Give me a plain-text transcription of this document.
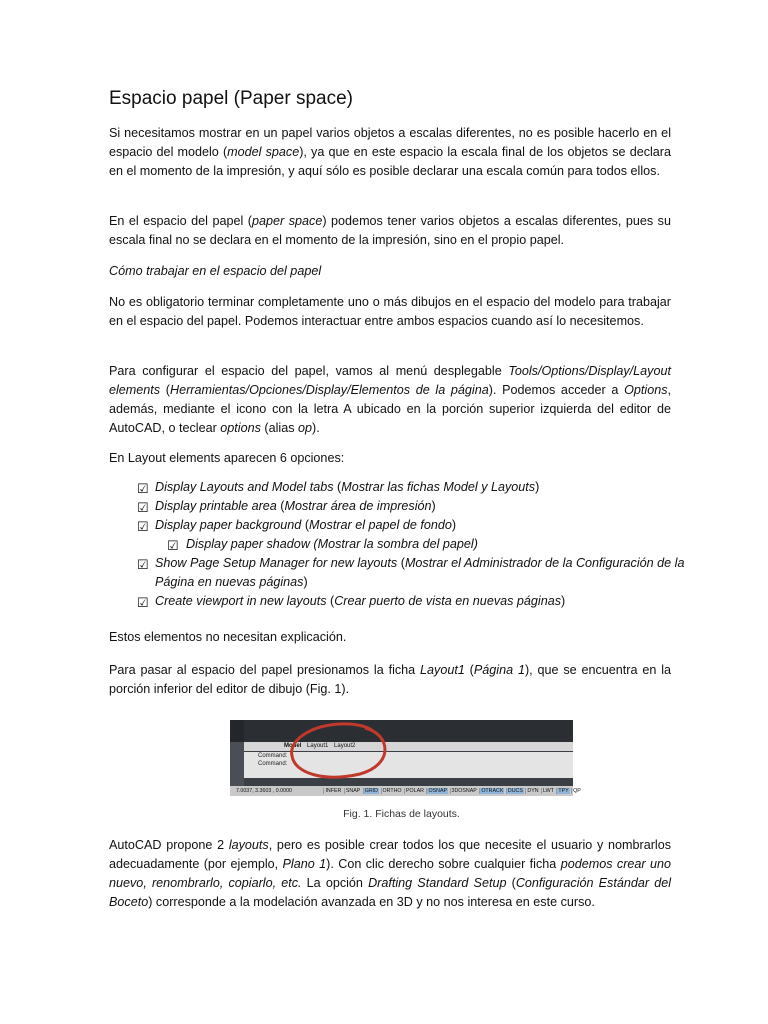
Espacio papel (Paper space)

Si necesitamos mostrar en un papel varios objetos a escalas diferentes, no es posible hacerlo en el espacio del modelo (model space), ya que en este espacio la escala final de los objetos se declara en el momento de la impresión, y aquí sólo es posible declarar una escala común para todos ellos.

En el espacio del papel (paper space) podemos tener varios objetos a escalas diferentes, pues su escala final no se declara en el momento de la impresión, sino en el propio papel.

Cómo trabajar en el espacio del papel

No es obligatorio terminar completamente uno o más dibujos en el espacio del modelo para trabajar en el espacio del papel. Podemos interactuar entre ambos espacios cuando así lo necesitemos.

Para configurar el espacio del papel, vamos al menú desplegable Tools/Options/Display/Layout elements (Herramientas/Opciones/Display/Elementos de la página). Podemos acceder a Options, además, mediante el icono con la letra A ubicado en la porción superior izquierda del editor de AutoCAD, o teclear options (alias op).

En Layout elements aparecen 6 opciones:

☑ Display Layouts and Model tabs (Mostrar las fichas Model y Layouts)
☑ Display printable area (Mostrar área de impresión)
☑ Display paper background (Mostrar el papel de fondo)
☑ Display paper shadow (Mostrar la sombra del papel)
☑ Show Page Setup Manager for new layouts (Mostrar el Administrador de la Configuración de la Página en nuevas páginas)
☑ Create viewport in new layouts (Crear puerto de vista en nuevas páginas)

Estos elementos no necesitan explicación.

Para pasar al espacio del papel presionamos la ficha Layout1 (Página 1), que se encuentra en la porción inferior del editor de dibujo (Fig. 1).

Model Layout1 Layout2
Command:
Command:
7.0037, 3.3603 , 0.0000	INFER SNAP GRID ORTHO POLAR OSNAP 3DOSNAP OTRACK DUCS DYN LWT TPY QP
Fig. 1. Fichas de layouts.

AutoCAD propone 2 layouts, pero es posible crear todos los que necesite el usuario y nombrarlos adecuadamente (por ejemplo, Plano 1). Con clic derecho sobre cualquier ficha podemos crear uno nuevo, renombrarlo, copiarlo, etc. La opción Drafting Standard Setup (Configuración Estándar del Boceto) corresponde a la modelación avanzada en 3D y no nos interesa en este curso.
